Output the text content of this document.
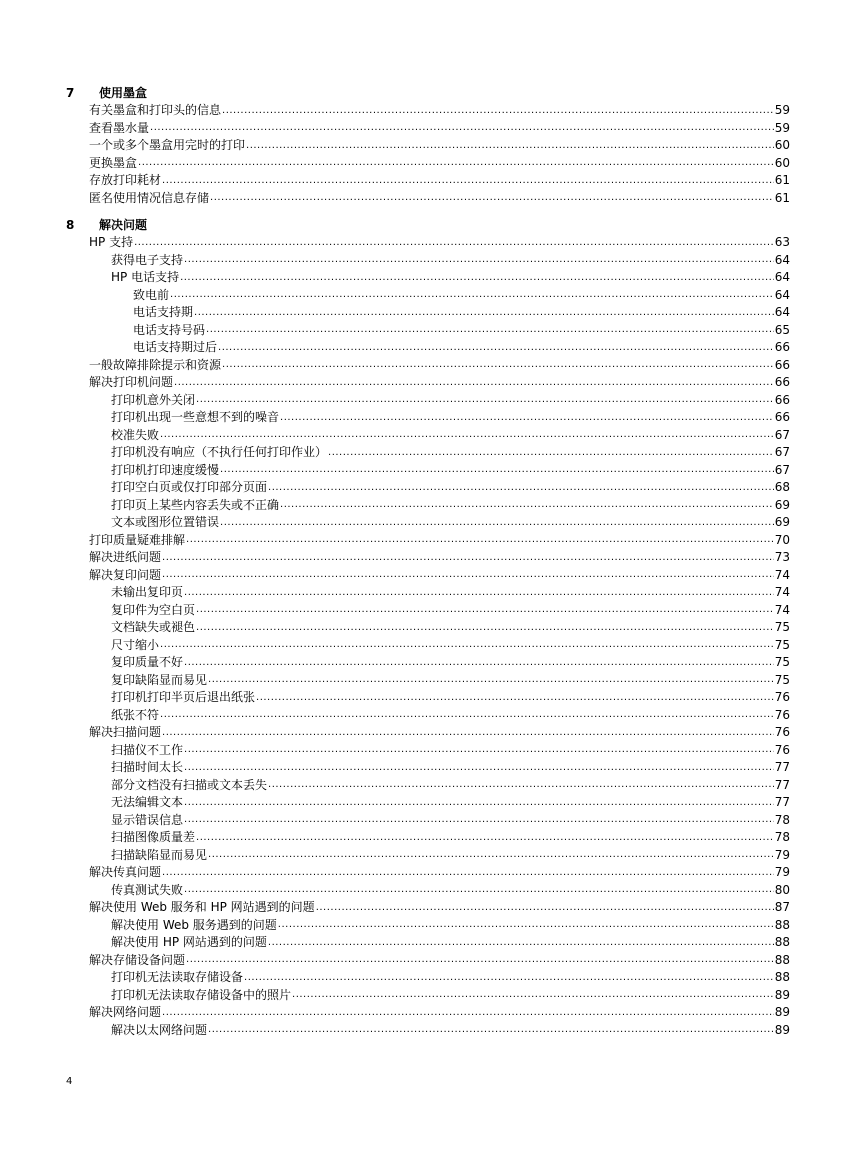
7	使用墨盒
有关墨盒和打印头的信息 .....	59
查看墨水量 .....	59
一个或多个墨盒用完时的打印 .....	60
更换墨盒 .....	60
存放打印耗材 .....	61
匿名使用情况信息存储 .....	61
8	解决问题
HP 支持 .....	63
获得电子支持 .....	64
HP 电话支持 .....	64
致电前 .....	64
电话支持期 .....	64
电话支持号码 .....	65
电话支持期过后 .....	66
一般故障排除提示和资源 .....	66
解决打印机问题 .....	66
打印机意外关闭 .....	66
打印机出现一些意想不到的噪音 .....	66
校准失败 .....	67
打印机没有响应（不执行任何打印作业） .....	67
打印机打印速度缓慢 .....	67
打印空白页或仅打印部分页面 .....	68
打印页上某些内容丢失或不正确 .....	69
文本或图形位置错误 .....	69
打印质量疑难排解 .....	70
解决进纸问题 .....	73
解决复印问题 .....	74
未输出复印页 .....	74
复印件为空白页 .....	74
文档缺失或褪色 .....	75
尺寸缩小 .....	75
复印质量不好 .....	75
复印缺陷显而易见 .....	75
打印机打印半页后退出纸张 .....	76
纸张不符 .....	76
解决扫描问题 .....	76
扫描仪不工作 .....	76
扫描时间太长 .....	77
部分文档没有扫描或文本丢失 .....	77
无法编辑文本 .....	77
显示错误信息 .....	78
扫描图像质量差 .....	78
扫描缺陷显而易见 .....	79
解决传真问题 .....	79
传真测试失败 .....	80
解决使用 Web 服务和 HP 网站遇到的问题 .....	87
解决使用 Web 服务遇到的问题 .....	88
解决使用 HP 网站遇到的问题 .....	88
解决存储设备问题 .....	88
打印机无法读取存储设备 .....	88
打印机无法读取存储设备中的照片 .....	89
解决网络问题 .....	89
解决以太网络问题 .....	89
4
